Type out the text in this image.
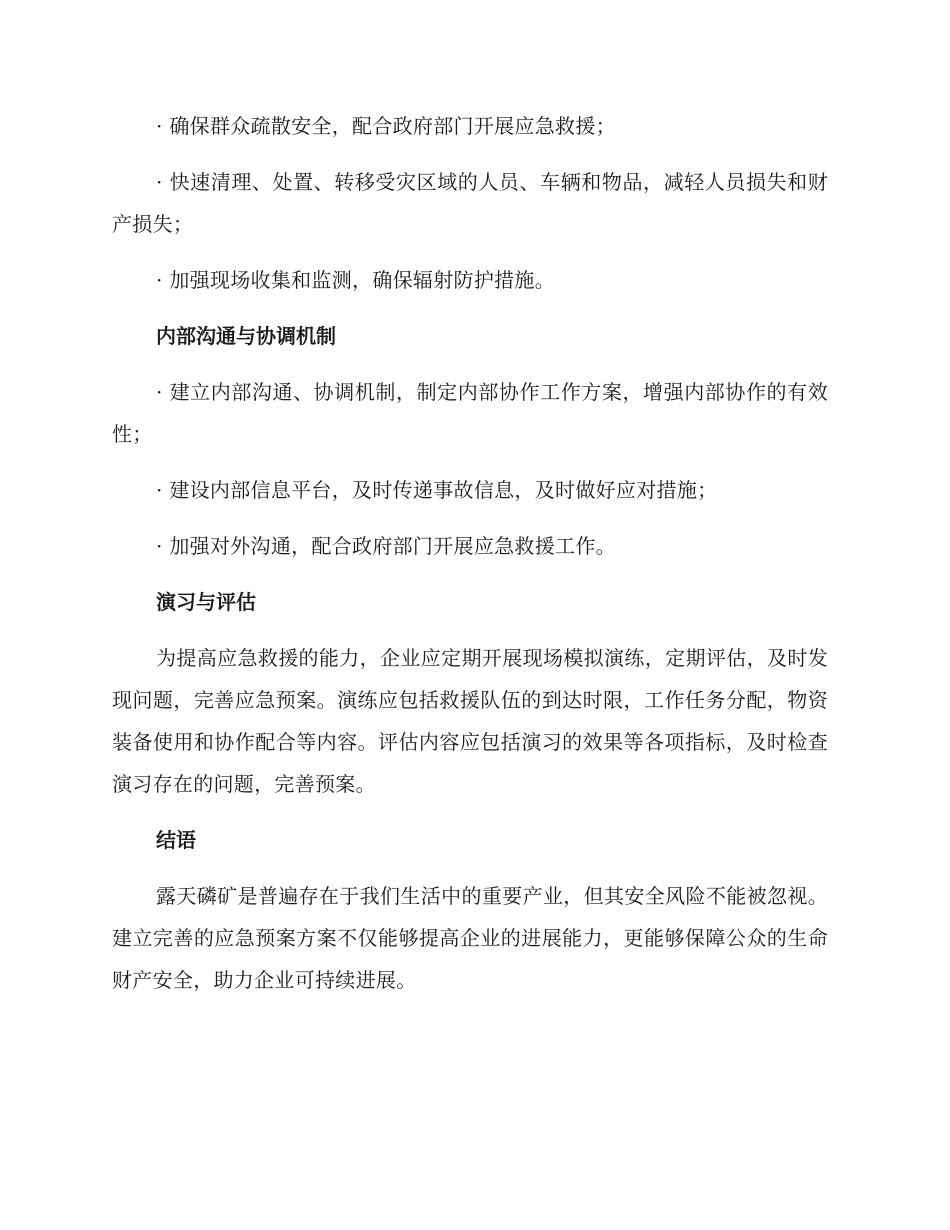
· 确保群众疏散安全，配合政府部门开展应急救援；

· 快速清理、处置、转移受灾区域的人员、车辆和物品，减轻人员损失和财产损失；

· 加强现场收集和监测，确保辐射防护措施。

内部沟通与协调机制

· 建立内部沟通、协调机制，制定内部协作工作方案，增强内部协作的有效性；

· 建设内部信息平台，及时传递事故信息，及时做好应对措施；

· 加强对外沟通，配合政府部门开展应急救援工作。

演习与评估

为提高应急救援的能力，企业应定期开展现场模拟演练，定期评估，及时发现问题，完善应急预案。演练应包括救援队伍的到达时限，工作任务分配，物资装备使用和协作配合等内容。评估内容应包括演习的效果等各项指标，及时检查演习存在的问题，完善预案。

结语

露天磷矿是普遍存在于我们生活中的重要产业，但其安全风险不能被忽视。建立完善的应急预案方案不仅能够提高企业的进展能力，更能够保障公众的生命财产安全，助力企业可持续进展。
